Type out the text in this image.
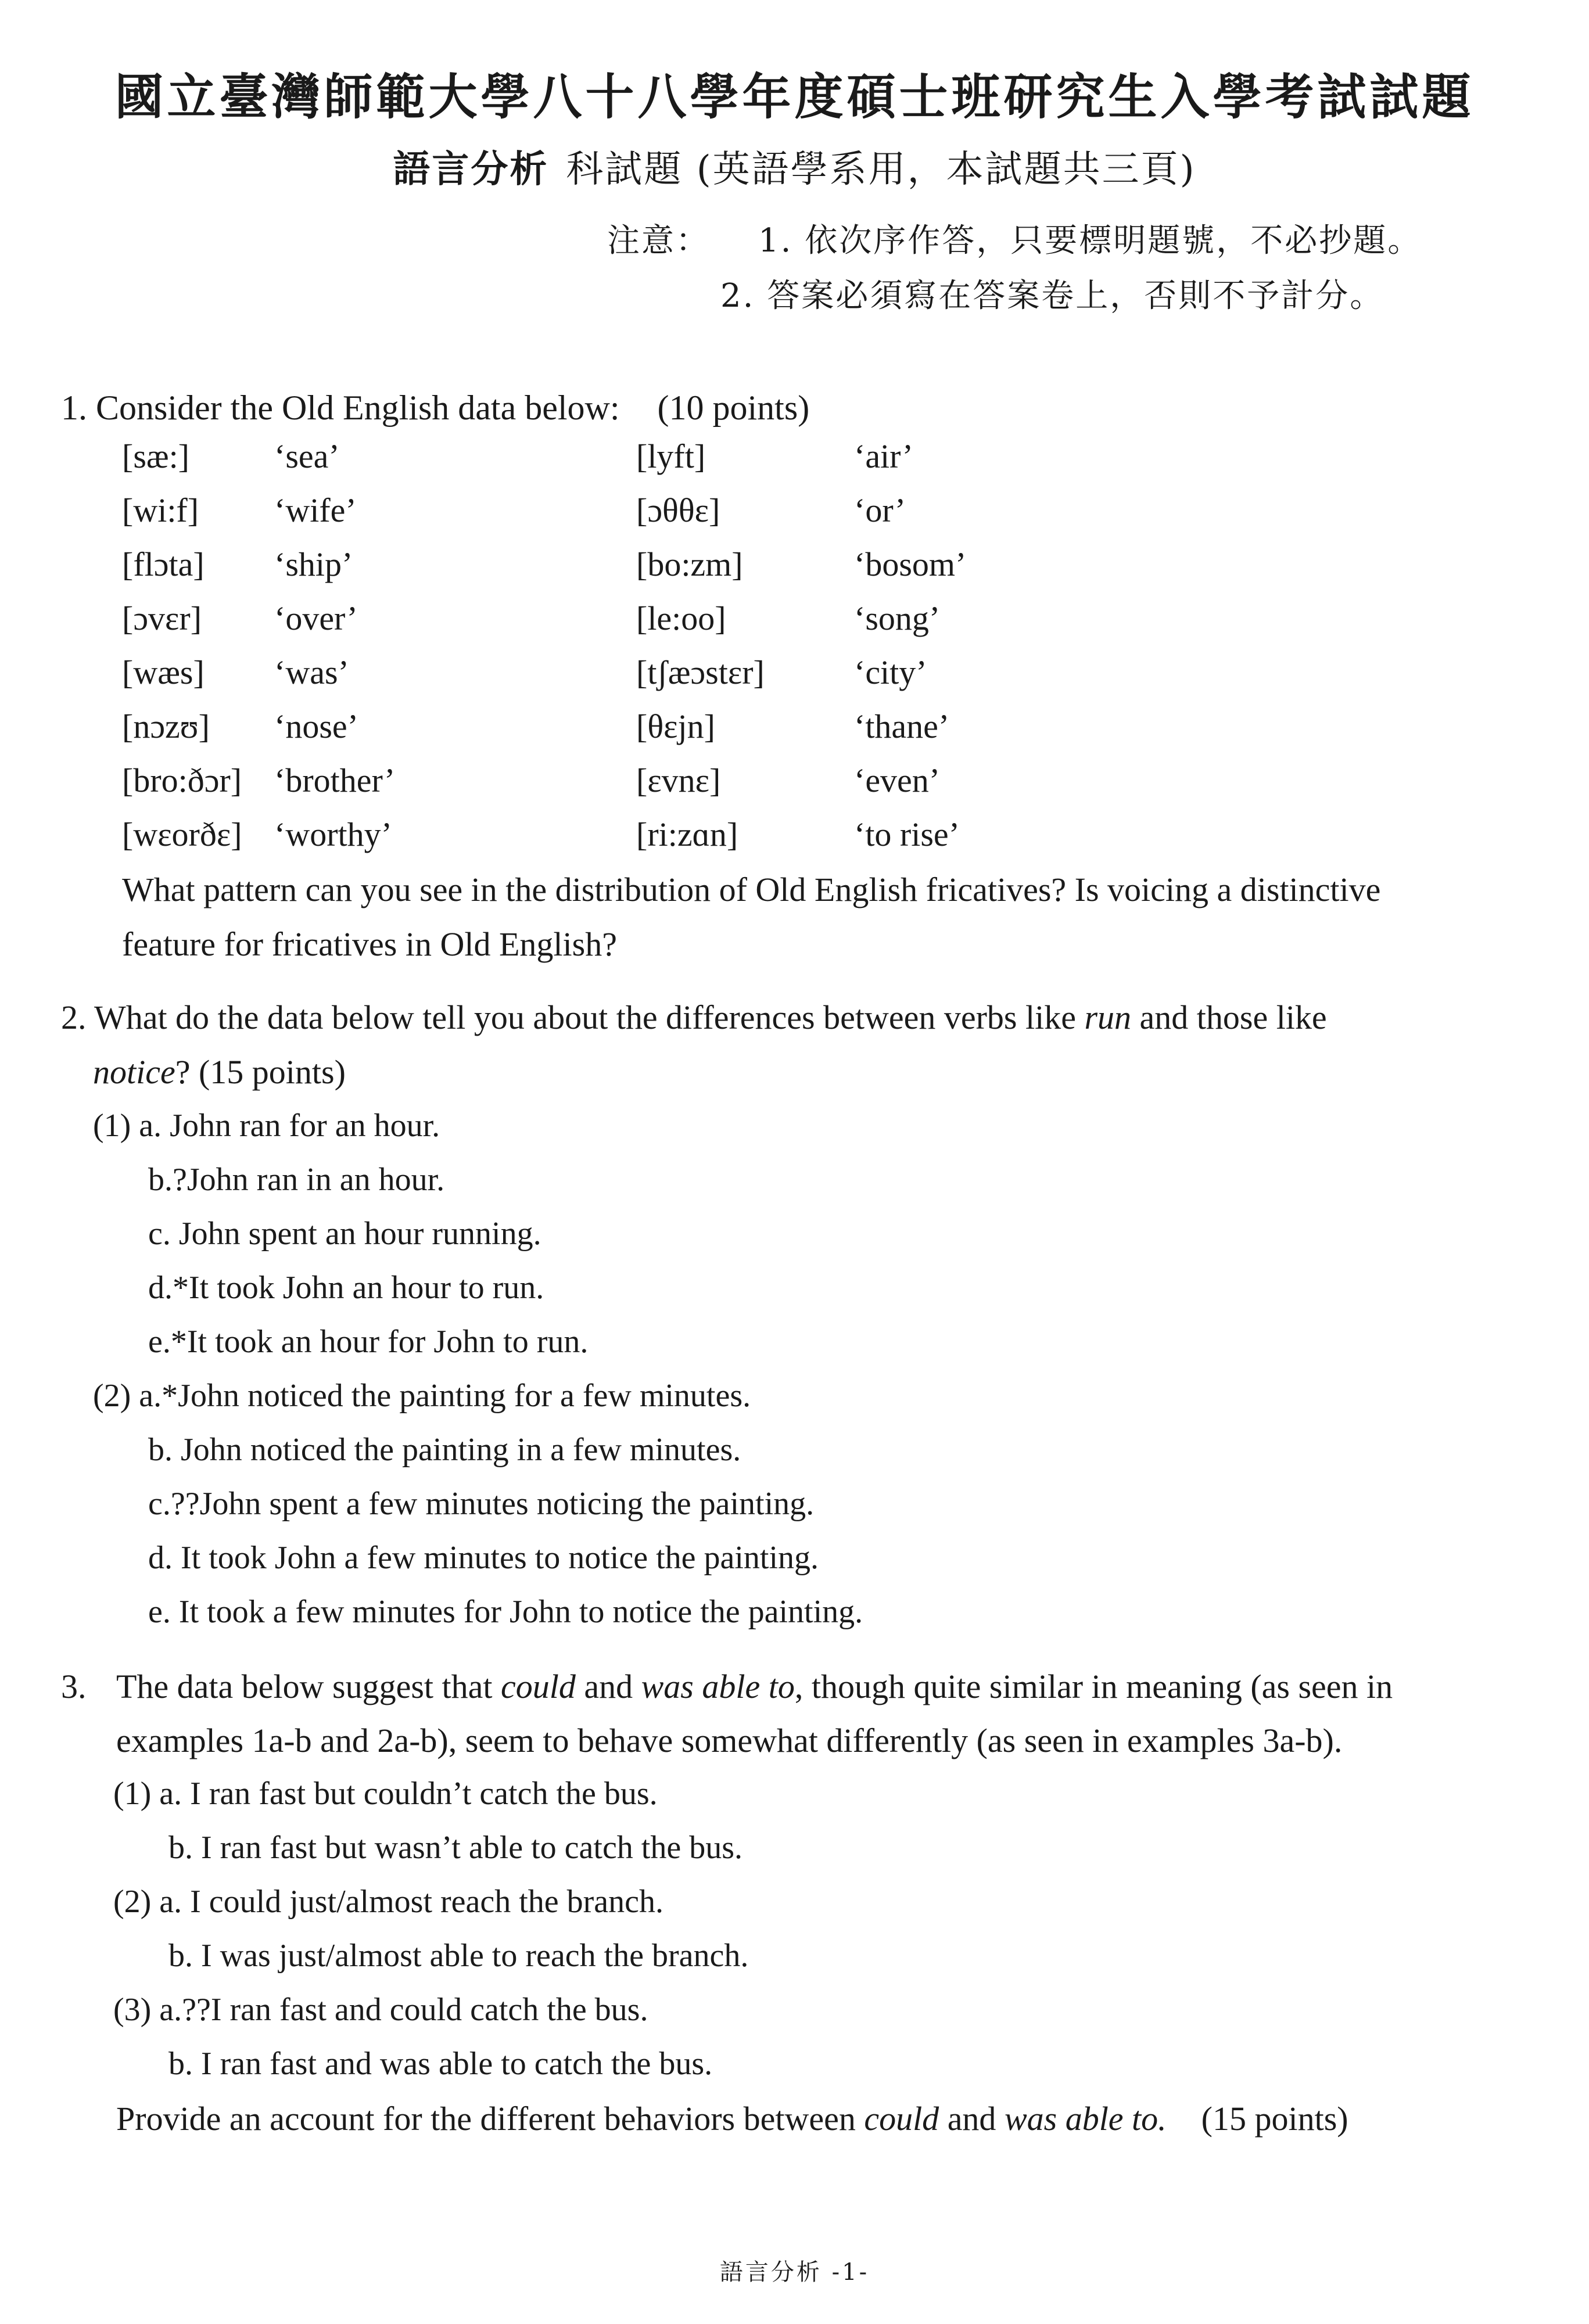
國立臺灣師範大學八十八學年度碩士班研究生入學考試試題
語言分析 科試題 (英語學系用，本試題共三頁)
注意： 1. 依次序作答，只要標明題號，不必抄題。
2. 答案必須寫在答案卷上，否則不予計分。
1. Consider the Old English data below: (10 points)
[sæ:]	‘sea’	[lyft]	‘air’
[wi:f] ‘wife’	[ɔθθɛ]	‘or’
[flɔta] ‘ship’	[bo:zm]	‘bosom’
[ɔvɛr] ‘over’	[le:oo]	‘song’
[wæs] ‘was’	[tʃæɔstɛr]	‘city’
[nɔzʊ] ‘nose’	[θɛjn]	‘thane’
[bro:ðɔr] ‘brother’	[ɛvnɛ]	‘even’
[wɛorðɛ] ‘worthy’	[ri:zɑn]	‘to rise’
What pattern can you see in the distribution of Old English fricatives? Is voicing a distinctive
feature for fricatives in Old English?
2. What do the data below tell you about the differences between verbs like run and those like
notice? (15 points)
(1) a. John ran for an hour.
b.?John ran in an hour.
c. John spent an hour running.
d.*It took John an hour to run.
e.*It took an hour for John to run.
(2) a.*John noticed the painting for a few minutes.
b. John noticed the painting in a few minutes.
c.??John spent a few minutes noticing the painting.
d. It took John a few minutes to notice the painting.
e. It took a few minutes for John to notice the painting.
3. The data below suggest that could and was able to, though quite similar in meaning (as seen in
examples 1a-b and 2a-b), seem to behave somewhat differently (as seen in examples 3a-b).
(1) a. I ran fast but couldn’t catch the bus.
b. I ran fast but wasn’t able to catch the bus.
(2) a. I could just/almost reach the branch.
b. I was just/almost able to reach the branch.
(3) a.??I ran fast and could catch the bus.
b. I ran fast and was able to catch the bus.
Provide an account for the different behaviors between could and was able to. (15 points)
語言分析 -1-
